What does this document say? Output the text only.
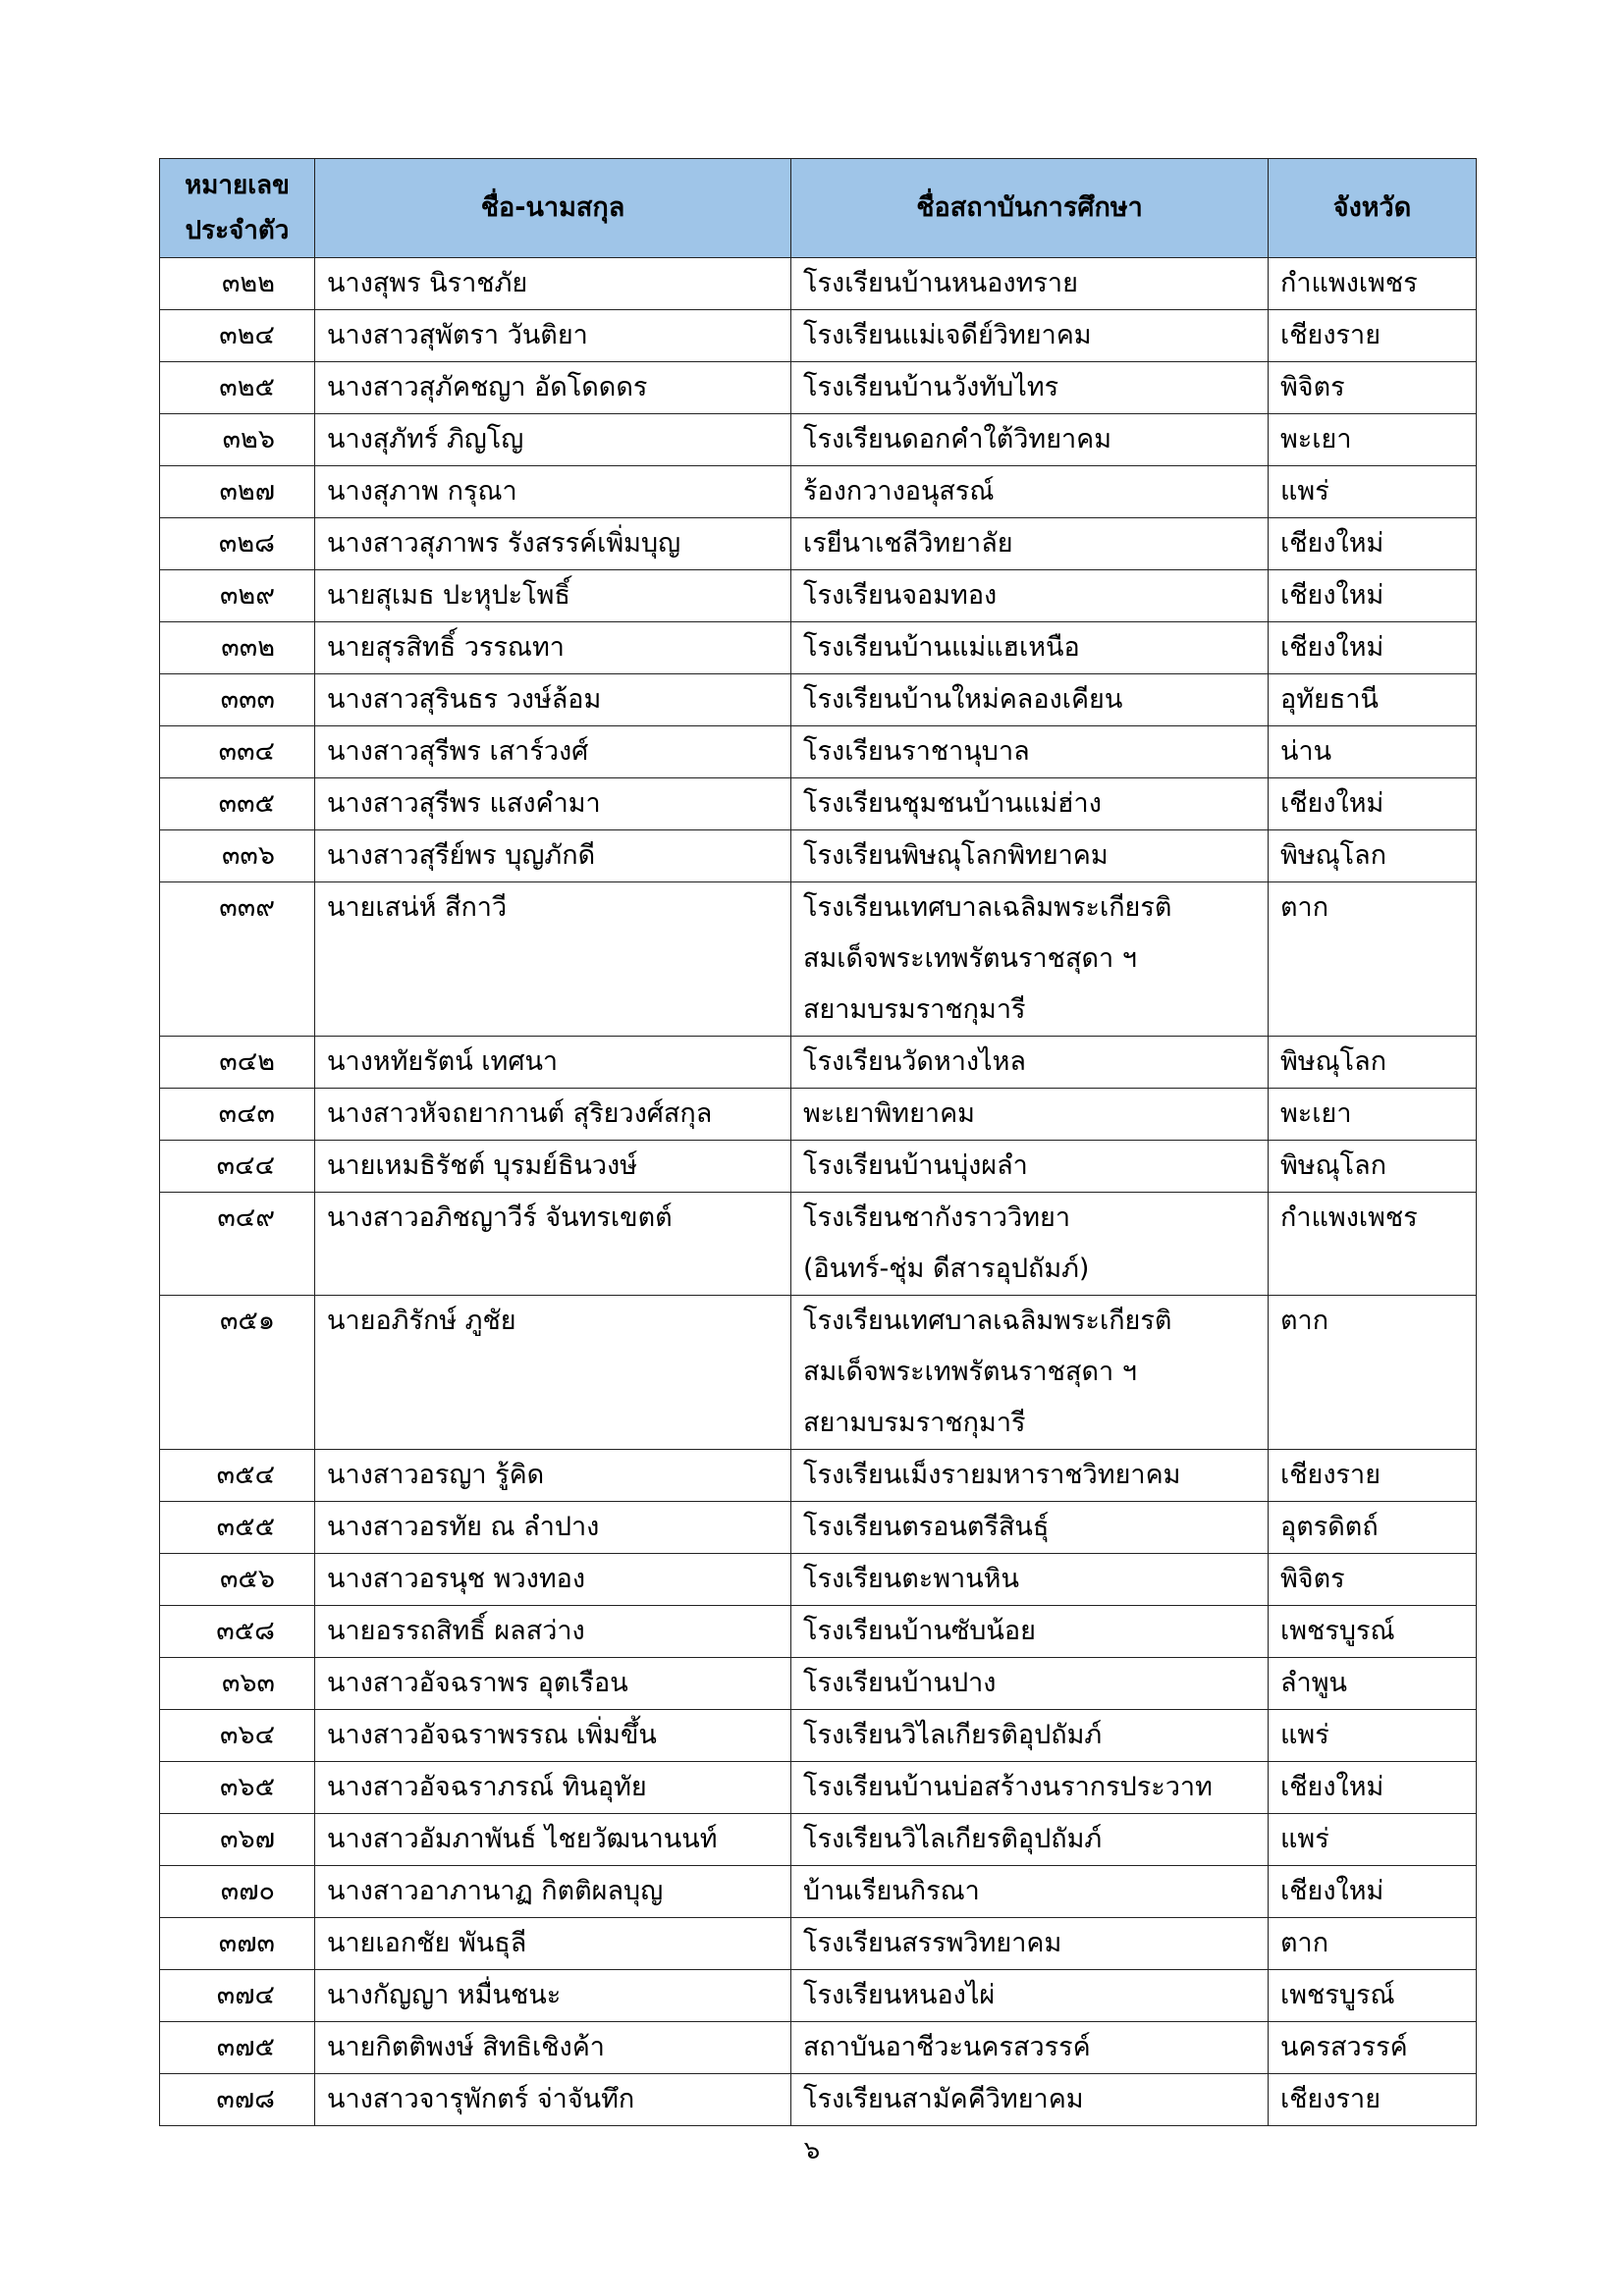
หมายเลข
ประจำตัว	ชื่อ-นามสกุล	ชื่อสถาบันการศึกษา	จังหวัด
๓๒๒	นางสุพร นิราชภัย	โรงเรียนบ้านหนองทราย	กำแพงเพชร
๓๒๔	นางสาวสุพัตรา วันติยา	โรงเรียนแม่เจดีย์วิทยาคม	เชียงราย
๓๒๕	นางสาวสุภัคชญา อัดโดดดร	โรงเรียนบ้านวังทับไทร	พิจิตร
๓๒๖	นางสุภัทร์ ภิญโญ	โรงเรียนดอกคำใต้วิทยาคม	พะเยา
๓๒๗	นางสุภาพ กรุณา	ร้องกวางอนุสรณ์	แพร่
๓๒๘	นางสาวสุภาพร รังสรรค์เพิ่มบุญ	เรยีนาเชลีวิทยาลัย	เชียงใหม่
๓๒๙	นายสุเมธ ปะหุปะโพธิ์	โรงเรียนจอมทอง	เชียงใหม่
๓๓๒	นายสุรสิทธิ์ วรรณทา	โรงเรียนบ้านแม่แฮเหนือ	เชียงใหม่
๓๓๓	นางสาวสุรินธร วงษ์ล้อม	โรงเรียนบ้านใหม่คลองเคียน	อุทัยธานี
๓๓๔	นางสาวสุรีพร เสาร์วงศ์	โรงเรียนราชานุบาล	น่าน
๓๓๕	นางสาวสุรีพร แสงคำมา	โรงเรียนชุมชนบ้านแม่ฮ่าง	เชียงใหม่
๓๓๖	นางสาวสุรีย์พร บุญภักดี	โรงเรียนพิษณุโลกพิทยาคม	พิษณุโลก
๓๓๙	นายเสน่ห์ สีกาวี	โรงเรียนเทศบาลเฉลิมพระเกียรติ
สมเด็จพระเทพรัตนราชสุดา ฯ
สยามบรมราชกุมารี	ตาก
๓๔๒	นางหทัยรัตน์ เทศนา	โรงเรียนวัดหางไหล	พิษณุโลก
๓๔๓	นางสาวหัจถยากานต์ สุริยวงศ์สกุล	พะเยาพิทยาคม	พะเยา
๓๔๔	นายเหมธิรัชต์ บุรมย์ธินวงษ์	โรงเรียนบ้านบุ่งผลำ	พิษณุโลก
๓๔๙	นางสาวอภิชญาวีร์ จันทรเขตต์	โรงเรียนชากังราววิทยา
(อินทร์-ชุ่ม ดีสารอุปถัมภ์)	กำแพงเพชร
๓๕๑	นายอภิรักษ์ ภูชัย	โรงเรียนเทศบาลเฉลิมพระเกียรติ
สมเด็จพระเทพรัตนราชสุดา ฯ
สยามบรมราชกุมารี	ตาก
๓๕๔	นางสาวอรญา รู้คิด	โรงเรียนเม็งรายมหาราชวิทยาคม	เชียงราย
๓๕๕	นางสาวอรทัย ณ ลำปาง	โรงเรียนตรอนตรีสินธุ์	อุตรดิตถ์
๓๕๖	นางสาวอรนุช พวงทอง	โรงเรียนตะพานหิน	พิจิตร
๓๕๘	นายอรรถสิทธิ์ ผลสว่าง	โรงเรียนบ้านซับน้อย	เพชรบูรณ์
๓๖๓	นางสาวอัจฉราพร อุตเรือน	โรงเรียนบ้านปาง	ลำพูน
๓๖๔	นางสาวอัจฉราพรรณ เพิ่มขึ้น	โรงเรียนวิไลเกียรติอุปถัมภ์	แพร่
๓๖๕	นางสาวอัจฉราภรณ์ ทินอุทัย	โรงเรียนบ้านบ่อสร้างนรากรประวาท	เชียงใหม่
๓๖๗	นางสาวอัมภาพันธ์ ไชยวัฒนานนท์	โรงเรียนวิไลเกียรติอุปถัมภ์	แพร่
๓๗๐	นางสาวอาภานาฏ กิตติผลบุญ	บ้านเรียนกิรณา	เชียงใหม่
๓๗๓	นายเอกชัย พันธุลี	โรงเรียนสรรพวิทยาคม	ตาก
๓๗๔	นางกัญญา หมื่นชนะ	โรงเรียนหนองไผ่	เพชรบูรณ์
๓๗๕	นายกิตติพงษ์ สิทธิเชิงค้า	สถาบันอาชีวะนครสวรรค์	นครสวรรค์
๓๗๘	นางสาวจารุพักตร์ จ่าจันทึก	โรงเรียนสามัคคีวิทยาคม	เชียงราย
๖
